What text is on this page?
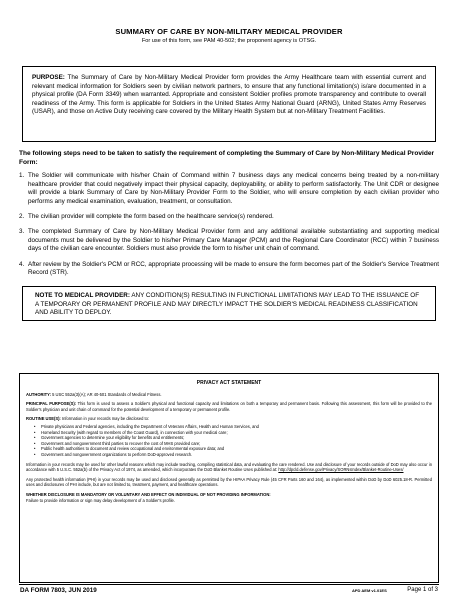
SUMMARY OF CARE BY NON-MILITARY MEDICAL PROVIDER
For use of this form, see PAM 40-502; the proponent agency is OTSG.
PURPOSE: The Summary of Care by Non-Military Medical Provider form provides the Army Healthcare team with essential current and relevant medical information for Soldiers seen by civilian network partners, to ensure that any functional limitation(s) is/are documented in a physical profile (DA Form 3349) when warranted. Appropriate and consistent Soldier profiles promote transparency and contribute to overall readiness of the Army. This form is applicable for Soldiers in the United States Army National Guard (ARNG), United States Army Reserves (USAR), and those on Active Duty receiving care covered by the Military Health System but at non-Military Treatment Facilities.
The following steps need to be taken to satisfy the requirement of completing the Summary of Care by Non-Military Medical Provider Form:
1. The Soldier will communicate with his/her Chain of Command within 7 business days any medical concerns being treated by a non-military healthcare provider that could negatively impact their physical capacity, deployability, or ability to perform satisfactorily. The Unit CDR or designee will provide a blank Summary of Care by Non-Military Provider Form to the Soldier, who will ensure completion by each civilian provider who performs any medical examination, evaluation, treatment, or consultation.
2. The civilian provider will complete the form based on the healthcare service(s) rendered.
3. The completed Summary of Care by Non-Military Medical Provider form and any additional available substantiating and supporting medical documents must be delivered by the Soldier to his/her Primary Care Manager (PCM) and the Regional Care Coordinator (RCC) within 7 business days of the civilian care encounter. Soldiers must also provide the form to his/her unit chain of command.
4. After review by the Soldier's PCM or RCC, appropriate processing will be made to ensure the form becomes part of the Soldier's Service Treatment Record (STR).
NOTE TO MEDICAL PROVIDER: ANY CONDITION(S) RESULTING IN FUNCTIONAL LIMITATIONS MAY LEAD TO THE ISSUANCE OF A TEMPORARY OR PERMANENT PROFILE AND MAY DIRECTLY IMPACT THE SOLDIER'S MEDICAL READINESS CLASSIFICATION AND ABILITY TO DEPLOY.
PRIVACY ACT STATEMENT

AUTHORITY: 5 USC 552a(3)(A); AR 40-501 Standards of Medical Fitness.

PRINCIPAL PURPOSE(S): This form is used to assess a Soldier's physical and functional capacity and limitations on both a temporary and permanent basis. Following this assessment, this form will be provided to the Soldier's physician and unit chain of command for the potential development of a temporary or permanent profile.

ROUTINE USE(S): Information in your records may be disclosed to:

• Private physicians and Federal agencies, including the Department of Veterans Affairs, Health and Human Services, and
• Homeland Security (with regard to members of the Coast Guard), in connection with your medical care;
• Government agencies to determine your eligibility for benefits and entitlements;
• Government and nongovernment third parties to recover the cost of MHS provided care;
• Public health authorities to document and review occupational and environmental exposure data; and
• Government and nongovernment organizations to perform DoD-approved research.

Information in your records may be used for other lawful reasons which may include teaching, compiling statistical data, and evaluating the care rendered. Use and disclosure of your records outside of DoD may also occur in accordance with 5 U.S.C. 552a(b) of the Privacy Act of 1974, as amended, which incorporates the DoD Blanket Routine Uses published at: http://dpcld.defense.gov/Privacy/SORNsIndex/Blanket-Routine-Uses/

Any protected health information (PHI) in your records may be used and disclosed generally as permitted by the HIPAA Privacy Rule (45 CFR Parts 160 and 164), as implemented within DoD by DoD 6025.18-R. Permitted uses and disclosures of PHI include, but are not limited to, treatment, payment, and healthcare operations.

WHETHER DISCLOSURE IS MANDATORY OR VOLUNTARY AND EFFECT ON INDIVIDUAL OF NOT PROVIDING INFORMATION:
Failure to provide information or sign may delay development of a Soldier's profile.

DA FORM 7803, JUN 2019	APD AEM v1.01ES	Page 1 of 3
